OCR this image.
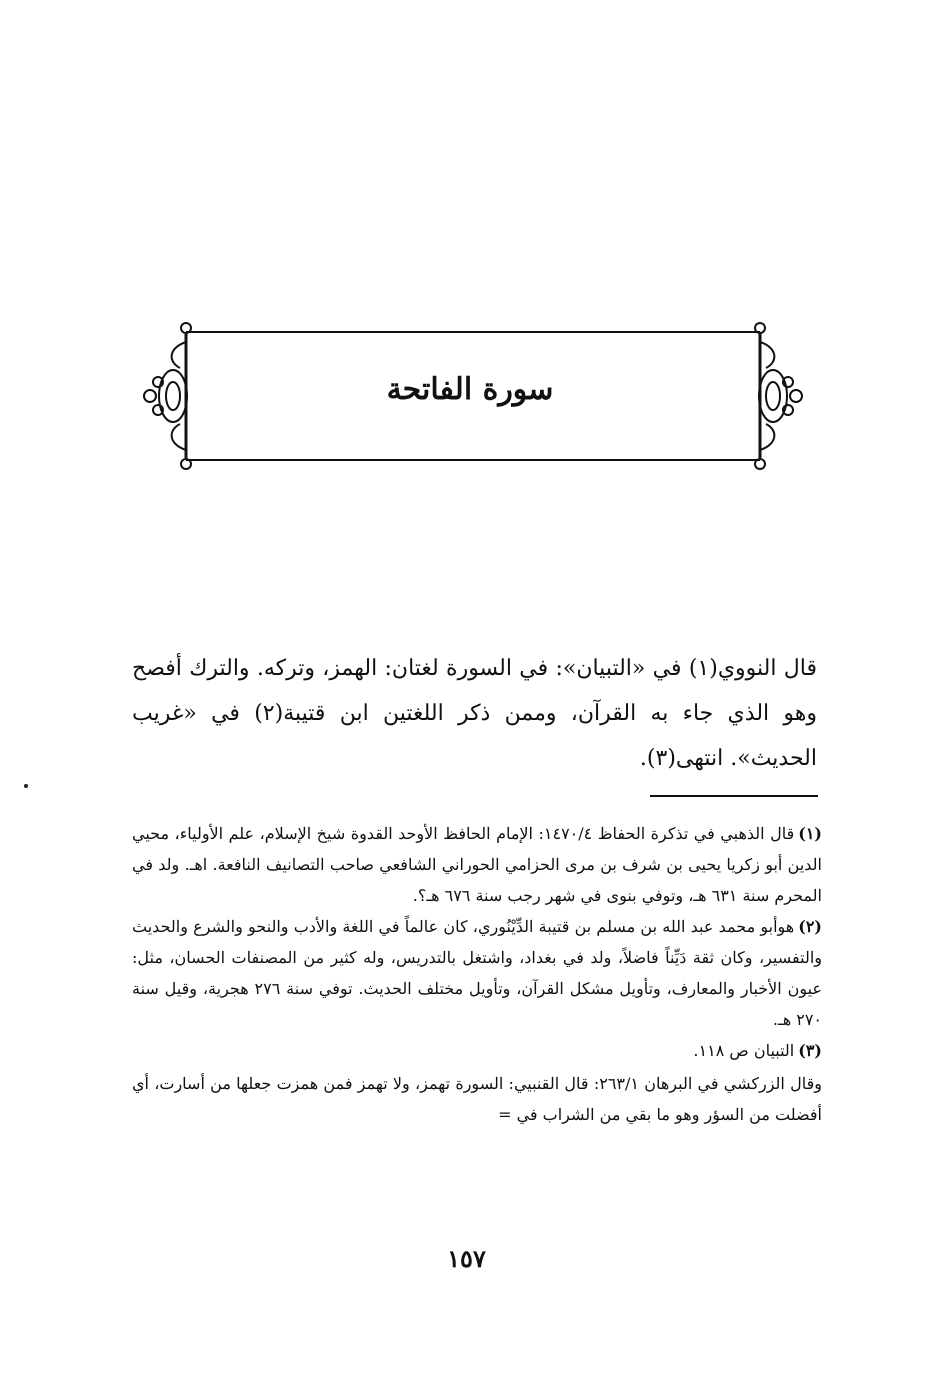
سورة الفاتحة
قال النووي(١) في «التبيان»: في السورة لغتان: الهمز، وتركه. والترك أفصح وهو الذي جاء به القرآن، وممن ذكر اللغتين ابن قتيبة(٢) في «غريب الحديث». انتهى(٣).

(١)قال الذهبي في تذكرة الحفاظ ١٤٧٠/٤: الإمام الحافظ الأوحد القدوة شيخ الإسلام، علم الأولياء، محيي الدين أبو زكريا يحيى بن شرف بن مرى الحزامي الحوراني الشافعي صاحب التصانيف النافعة. اهـ. ولد في المحرم سنة ٦٣١ هـ، وتوفي بنوى في شهر رجب سنة ٦٧٦ هـ؟.

(٢)هوأبو محمد عبد الله بن مسلم بن قتيبة الدِّيْنُوري، كان عالماً في اللغة والأدب والنحو والشرع والحديث والتفسير، وكان ثقة دَيِّناً فاضلاً، ولد في بغداد، واشتغل بالتدريس، وله كثير من المصنفات الحسان، مثل: عيون الأخبار والمعارف، وتأويل مشكل القرآن، وتأويل مختلف الحديث. توفي سنة ٢٧٦ هجرية، وقيل سنة ٢٧٠ هـ.

(٣)التبيان ص ١١٨.

وقال الزركشي في البرهان ٢٦٣/١: قال القنبيي: السورة تهمز، ولا تهمز فمن همزت جعلها من أسارت، أي أفضلت من السؤر وهو ما بقي من الشراب في =

١٥٧
